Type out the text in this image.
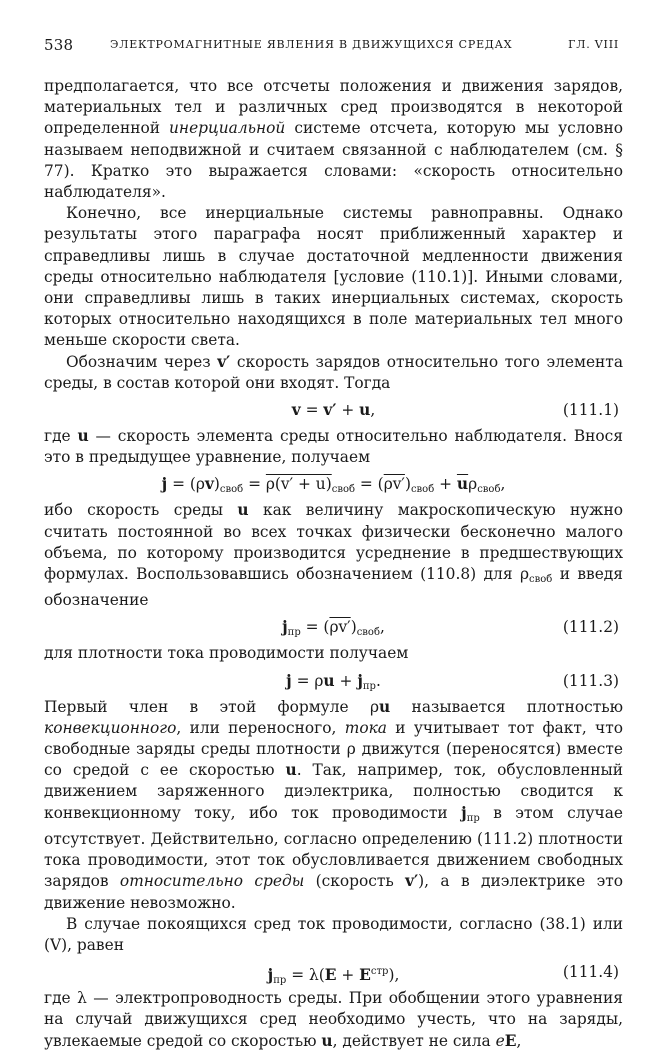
538	ЭЛЕКТРОМАГНИТНЫЕ ЯВЛЕНИЯ В ДВИЖУЩИХСЯ СРЕДАХ	ГЛ. VIII

предполагается, что все отсчеты положения и движения зарядов, материальных тел и различных сред производятся в некоторой определенной инерциальной системе отсчета, которую мы условно называем неподвижной и считаем связанной с наблюдателем (см. § 77). Кратко это выражается словами: «скорость относительно наблюдателя».

Конечно, все инерциальные системы равноправны. Однако результаты этого параграфа носят приближенный характер и справедливы лишь в случае достаточной медленности движения среды относительно наблюдателя [условие (110.1)]. Иными словами, они справедливы лишь в таких инерциальных системах, скорость которых относительно находящихся в поле материальных тел много меньше скорости света.

Обозначим через v′ скорость зарядов относительно того элемента среды, в состав которой они входят. Тогда

v = v′ + u,	(111.1)

где u — скорость элемента среды относительно наблюдателя. Внося это в предыдущее уравнение, получаем

$j = (\rho v)_{своб} = \rho(v' + u)_{своб} = (\rho v')_{своб} + \overline{u}\rho_{своб}$,

ибо скорость среды u как величину макроскопическую нужно считать постоянной во всех точках физически бесконечно малого объема, по которому производится усреднение в предшествующих формулах. Воспользовавшись обозначением (110.8) для $\rho_{своб}$ и введя обозначение

$j_{пр} = (\rho v')_{своб}$,	(111.2)

для плотности тока проводимости получаем

$j = \rho u + j_{пр}$.	(111.3)

Первый член в этой формуле ρu называется плотностью конвекционного, или переносного, тока и учитывает тот факт, что свободные заряды среды плотности ρ движутся (переносятся) вместе со средой с ее скоростью u. Так, например, ток, обусловленный движением заряженного диэлектрика, полностью сводится к конвекционному току, ибо ток проводимости $j_{пр}$ в этом случае отсутствует. Действительно, согласно определению (111.2) плотности тока проводимости, этот ток обусловливается движением свободных зарядов относительно среды (скорость v′), а в диэлектрике это движение невозможно.

В случае покоящихся сред ток проводимости, согласно (38.1) или (V), равен

$j_{пр} = \lambda(E + E^{стр})$,	(111.4)

где λ — электропроводность среды. При обобщении этого уравнения на случай движущихся сред необходимо учесть, что на заряды, увлекаемые средой со скоростью u, действует не сила eE,
